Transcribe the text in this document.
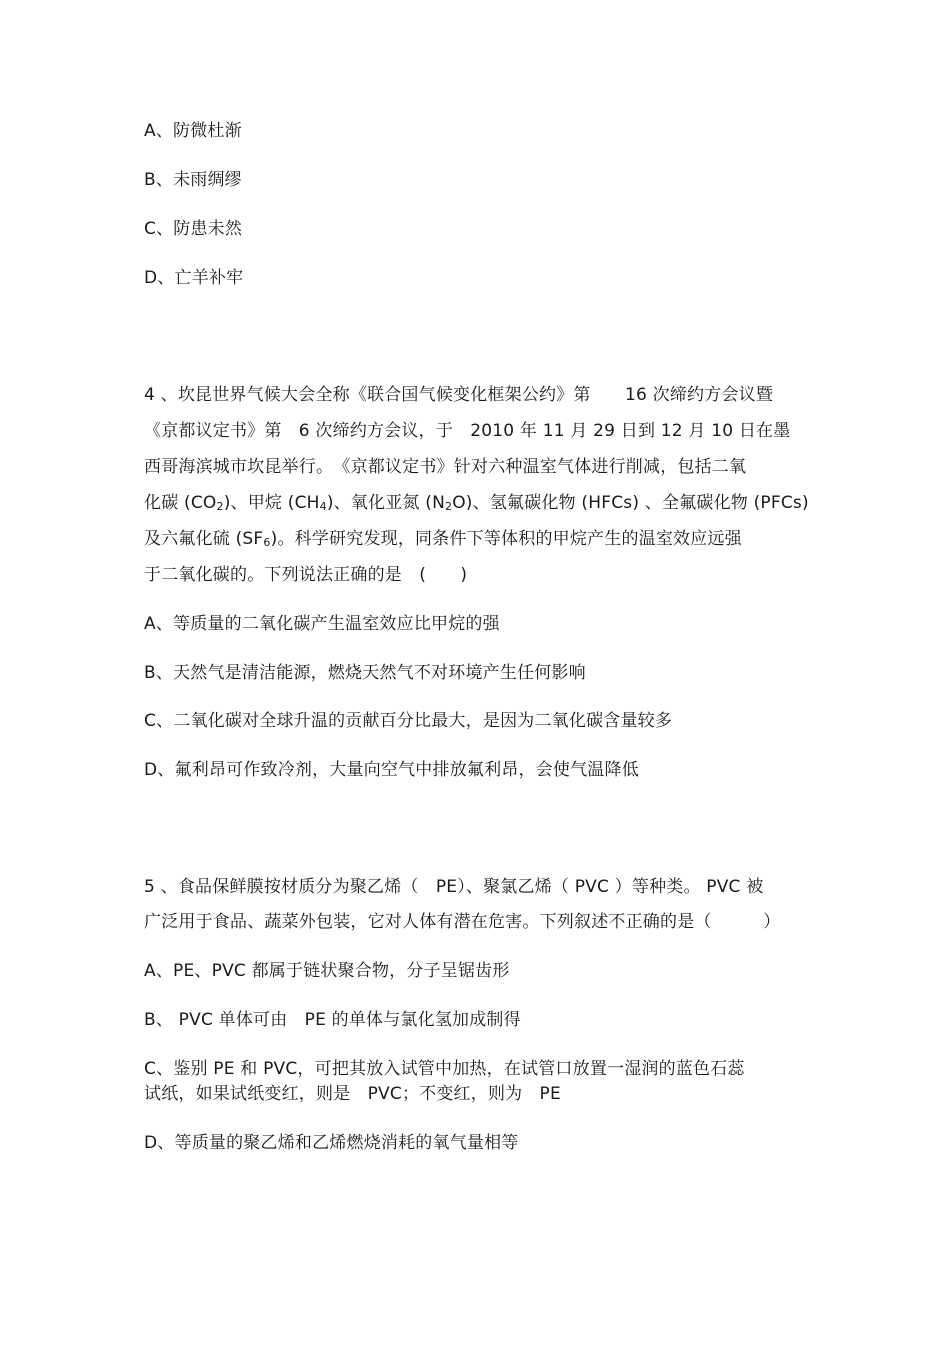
A、防微杜渐
B、未雨绸缪
C、防患未然
D、亡羊补牢
4 、坎昆世界气候大会全称《联合国气候变化框架公约》第　　16 次缔约方会议暨
《京都议定书》第　6 次缔约方会议，于　2010 年 11 月 29 日到 12 月 10 日在墨
西哥海滨城市坎昆举行。　《京都议定书》针对六种温室气体进行削减，包括二氧
化碳 $(CO_2)$、甲烷 $(CH_4)$、氧化亚氮 $(N_2O)$、氢氟碳化物 (HFCs) 、全氟碳化物 (PFCs)
及六氟化硫 $(SF_6)$。科学研究发现，同条件下等体积的甲烷产生的温室效应远强
于二氧化碳的。下列说法正确的是　(　　)
A、等质量的二氧化碳产生温室效应比甲烷的强
B、天然气是清洁能源，燃烧天然气不对环境产生任何影响
C、二氧化碳对全球升温的贡献百分比最大，是因为二氧化碳含量较多
D、氟利昂可作致冷剂，大量向空气中排放氟利昂，会使气温降低
5 、食品保鲜膜按材质分为聚乙烯（　PE）、聚氯乙烯（ PVC ）等种类。 PVC 被
广泛用于食品、蔬菜外包装，它对人体有潜在危害。下列叙述不正确的是（　　　）
A、PE、PVC 都属于链状聚合物，分子呈锯齿形
B、 PVC 单体可由　PE 的单体与氯化氢加成制得
C、鉴别 PE 和 PVC，可把其放入试管中加热，在试管口放置一湿润的蓝色石蕊
试纸，如果试纸变红，则是　PVC；不变红，则为　PE
D、等质量的聚乙烯和乙烯燃烧消耗的氧气量相等
